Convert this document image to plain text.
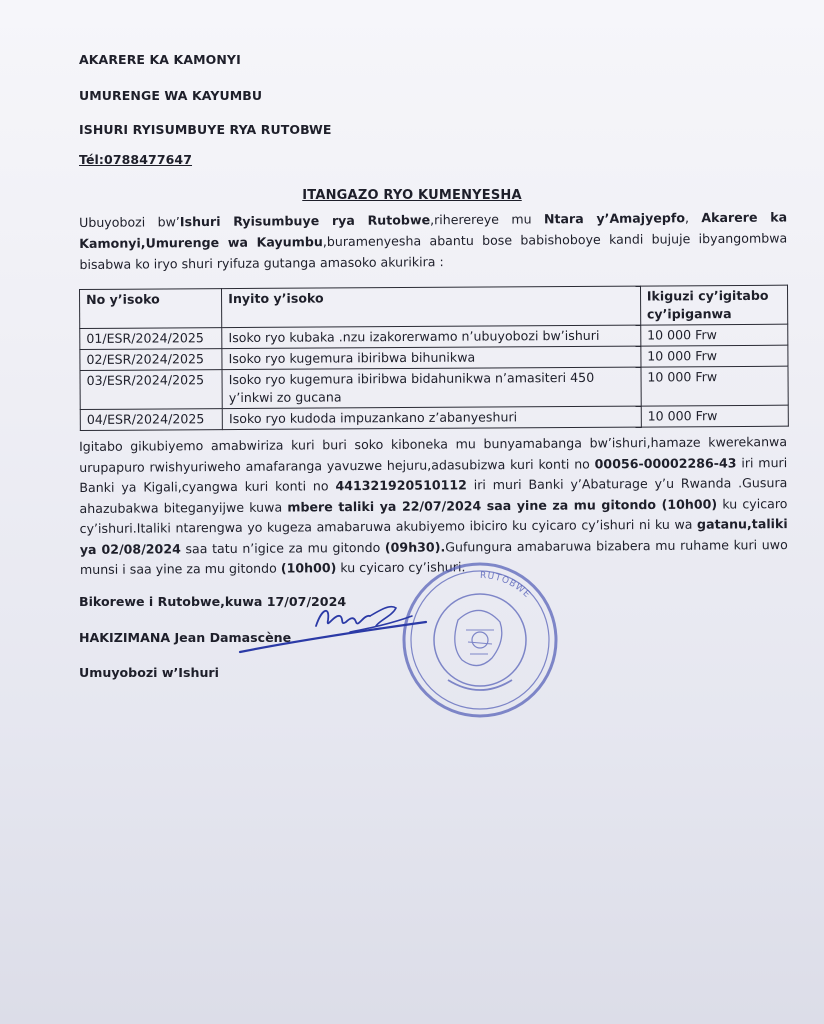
AKARERE KA KAMONYI
UMURENGE WA KAYUMBU
ISHURI RYISUMBUYE RYA RUTOBWE
Tél:0788477647
ITANGAZO RYO KUMENYESHA
Ubuyobozi bw’Ishuri Ryisumbuye rya Rutobwe,riherereye mu Ntara y’Amajyepfo, Akarere ka Kamonyi,Umurenge wa Kayumbu,buramenyesha abantu bose babishoboye kandi bujuje ibyangombwa bisabwa ko iryo shuri ryifuza gutanga amasoko akurikira :
No y’isoko	Inyito y’isoko	Ikiguzi cy’igitabo cy’ipiganwa
01/ESR/2024/2025	Isoko ryo kubaka .nzu izakorerwamo n’ubuyobozi bw’ishuri	10 000 Frw
02/ESR/2024/2025	Isoko ryo kugemura ibiribwa bihunikwa	10 000 Frw
03/ESR/2024/2025	Isoko ryo kugemura ibiribwa bidahunikwa n’amasiteri 450 y’inkwi zo gucana	10 000 Frw
04/ESR/2024/2025	Isoko ryo kudoda impuzankano z’abanyeshuri	10 000 Frw
Igitabo gikubiyemo amabwiriza kuri buri soko kiboneka mu bunyamabanga bw’ishuri,hamaze kwerekanwa urupapuro rwishyuriweho amafaranga yavuzwe hejuru,adasubizwa kuri konti no 00056-00002286-43 iri muri Banki ya Kigali,cyangwa kuri konti no 441321920510112 iri muri Banki y’Abaturage y’u Rwanda .Gusura ahazubakwa biteganyijwe kuwa mbere taliki ya 22/07/2024 saa yine za mu gitondo (10h00) ku cyicaro cy’ishuri.Italiki ntarengwa yo kugeza amabaruwa akubiyemo ibiciro ku cyicaro cy’ishuri ni ku wa gatanu,taliki ya 02/08/2024 saa tatu n’igice za mu gitondo (09h30).Gufungura amabaruwa bizabera mu ruhame kuri uwo munsi i saa yine za mu gitondo (10h00) ku cyicaro cy’ishuri.
Bikorewe i Rutobwe,kuwa 17/07/2024
HAKIZIMANA Jean Damascène
Umuyobozi w’Ishuri
RUTOBWE
